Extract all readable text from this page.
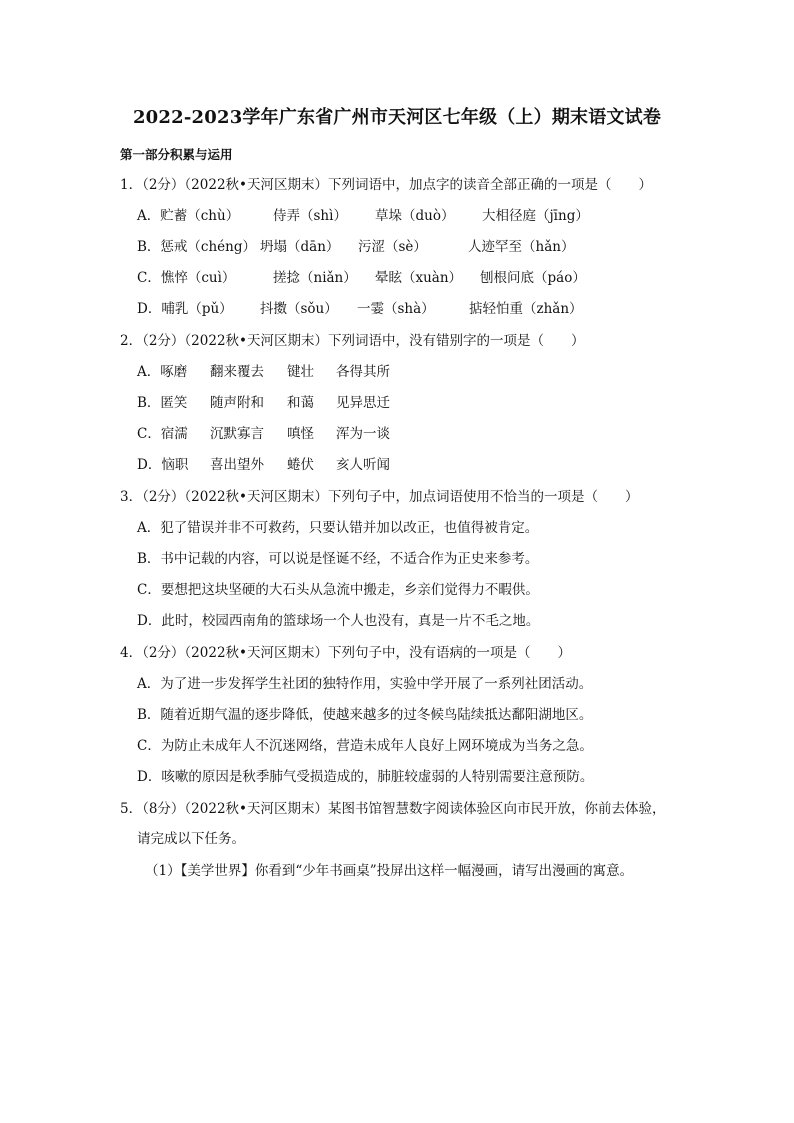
2022-2023学年广东省广州市天河区七年级（上）期末语文试卷
第一部分积累与运用
1．（2分）（2022秋•天河区期末）下列词语中，加点字的读音全部正确的一项是（　　）
A．贮蓄（chù）	侍弄（shì） 草垛（duò） 大相径庭（jīng）
B．惩戒（chéng） 坍塌（dān） 污涩（sè）	人迹罕至（hǎn）
C．憔悴（cuì）	搓捻（niǎn） 晕眩（xuàn） 刨根问底（páo）
D．哺乳（pǔ） 抖擞（sǒu） 一霎（shà）	掂轻怕重（zhǎn）
2．（2分）（2022秋•天河区期末）下列词语中，没有错别字的一项是（　　）
A．啄磨 翻来覆去 键壮 各得其所
B．匿笑 随声附和 和蔼 见异思迁
C．宿濡 沉默寡言 嗔怪 浑为一谈
D．恼职 喜出望外 蜷伏 亥人听闻
3．（2分）（2022秋•天河区期末）下列句子中，加点词语使用不恰当的一项是（　　）
A．犯了错误并非不可救药，只要认错并加以改正，也值得被肯定。
B．书中记载的内容，可以说是怪诞不经，不适合作为正史来参考。
C．要想把这块坚硬的大石头从急流中搬走，乡亲们觉得力不暇供。
D．此时，校园西南角的篮球场一个人也没有，真是一片不毛之地。
4．（2分）（2022秋•天河区期末）下列句子中，没有语病的一项是（　　）
A．为了进一步发挥学生社团的独特作用，实验中学开展了一系列社团活动。
B．随着近期气温的逐步降低，使越来越多的过冬候鸟陆续抵达鄱阳湖地区。
C．为防止未成年人不沉迷网络，营造未成年人良好上网环境成为当务之急。
D．咳嗽的原因是秋季肺气受损造成的，肺脏较虚弱的人特别需要注意预防。
5．（8分）（2022秋•天河区期末）某图书馆智慧数字阅读体验区向市民开放，你前去体验，
请完成以下任务。
（1）【美学世界】你看到“少年书画桌”投屏出这样一幅漫画，请写出漫画的寓意。
